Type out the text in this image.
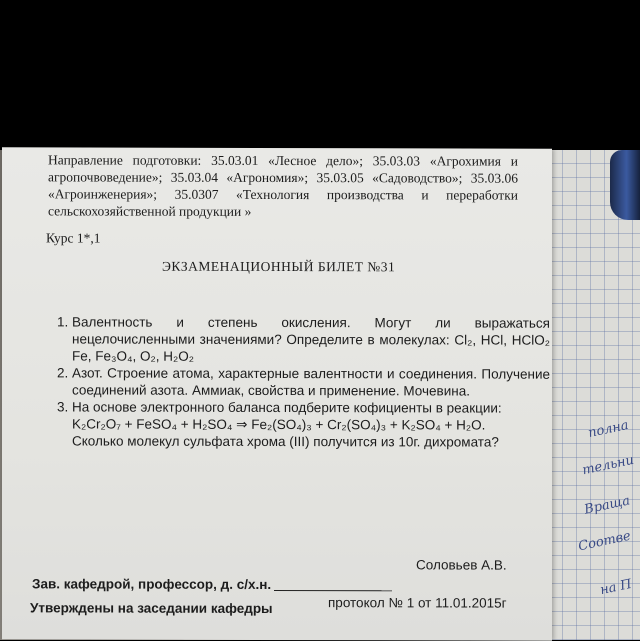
полна
тельни
Враща
Соотве
на П
Направление подготовки: 35.03.01 «Лесное дело»; 35.03.03 «Агрохимия и агропочвоведение»; 35.03.04 «Агрономия»; 35.03.05 «Садоводство»; 35.03.06 «Агроинженерия»; 35.0307 «Технология производства и переработки сельскохозяйственной продукции »
Курс 1*,1
ЭКЗАМЕНАЦИОННЫЙ БИЛЕТ №31
1. Валентность и степень окисления. Могут ли выражаться нецелочисленными значениями? Определите в молекулах: Cl₂, HCl, HClO₂ Fe, Fe₃O₄, O₂, H₂O₂
2. Азот. Строение атома, характерные валентности и соединения. Получение соединений азота. Аммиак, свойства и применение. Мочевина.
3. На основе электронного баланса подберите кофициенты в реакции:
K₂Cr₂O₇ + FeSO₄ + H₂SO₄ ⇒ Fe₂(SO₄)₃ + Cr₂(SO₄)₃ + K₂SO₄ + H₂O.
Сколько молекул сульфата хрома (III) получится из 10г. дихромата?
Зав. кафедрой, профессор, д. с/х.н.
Соловьев А.В.
Утверждены на заседании кафедры	протокол № 1 от 11.01.2015г
